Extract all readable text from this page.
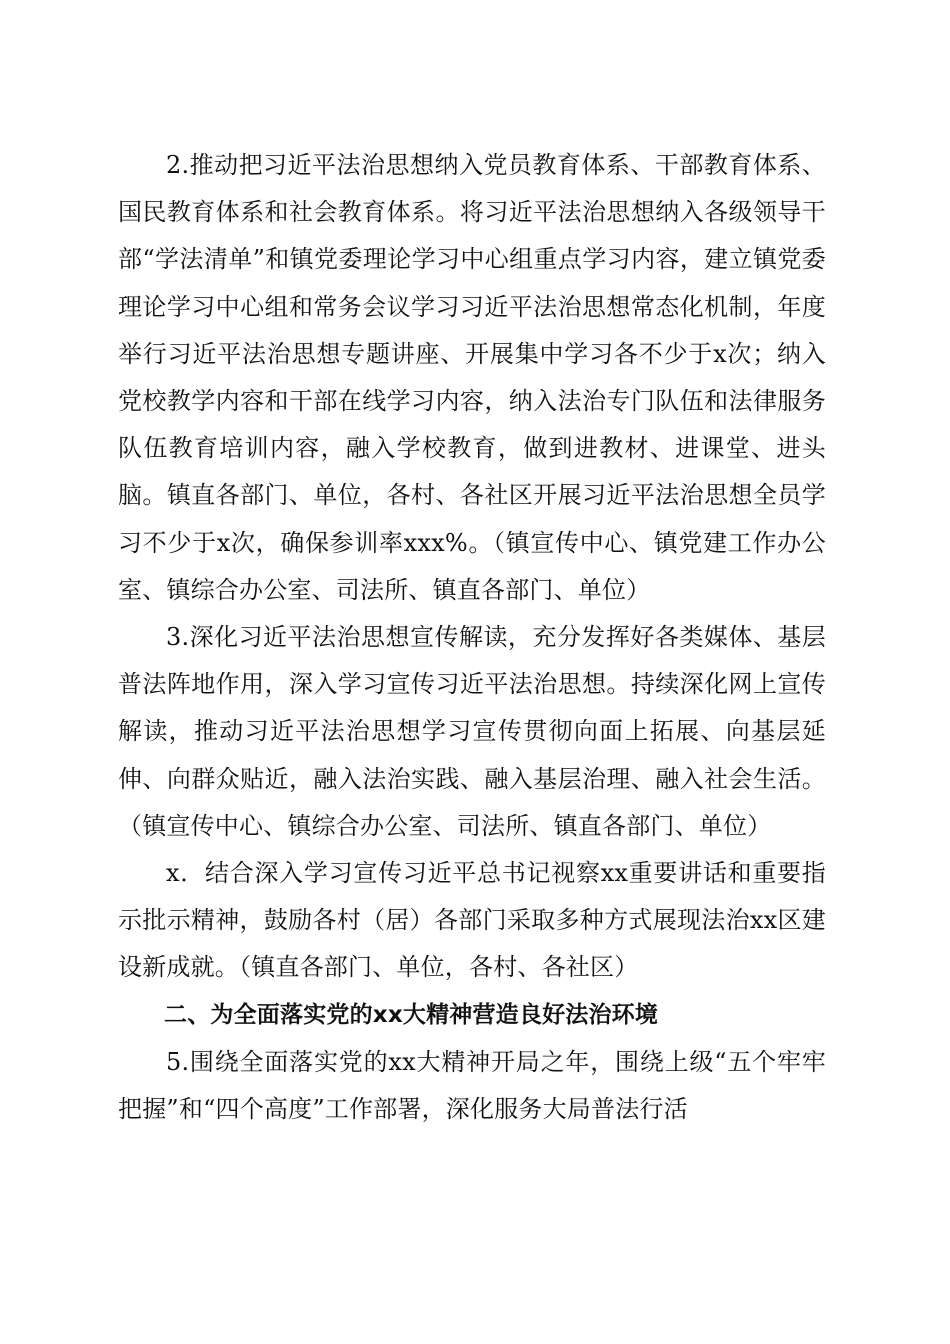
2.推动把习近平法治思想纳入党员教育体系、干部教育体系、国民教育体系和社会教育体系。将习近平法治思想纳入各级领导干部“学法清单”和镇党委理论学习中心组重点学习内容，建立镇党委理论学习中心组和常务会议学习习近平法治思想常态化机制，年度举行习近平法治思想专题讲座、开展集中学习各不少于x次；纳入党校教学内容和干部在线学习内容，纳入法治专门队伍和法律服务队伍教育培训内容，融入学校教育，做到进教材、进课堂、进头脑。镇直各部门、单位，各村、各社区开展习近平法治思想全员学习不少于x次，确保参训率xxx%。（镇宣传中心、镇党建工作办公室、镇综合办公室、司法所、镇直各部门、单位）

3.深化习近平法治思想宣传解读，充分发挥好各类媒体、基层普法阵地作用，深入学习宣传习近平法治思想。持续深化网上宣传解读，推动习近平法治思想学习宣传贯彻向面上拓展、向基层延伸、向群众贴近，融入法治实践、融入基层治理、融入社会生活。（镇宣传中心、镇综合办公室、司法所、镇直各部门、单位）

x．结合深入学习宣传习近平总书记视察xx重要讲话和重要指示批示精神，鼓励各村（居）各部门采取多种方式展现法治xx区建设新成就。（镇直各部门、单位，各村、各社区）

二、为全面落实党的xx大精神营造良好法治环境

5.围绕全面落实党的xx大精神开局之年，围绕上级“五个牢牢把握”和“四个高度”工作部署，深化服务大局普法行活
